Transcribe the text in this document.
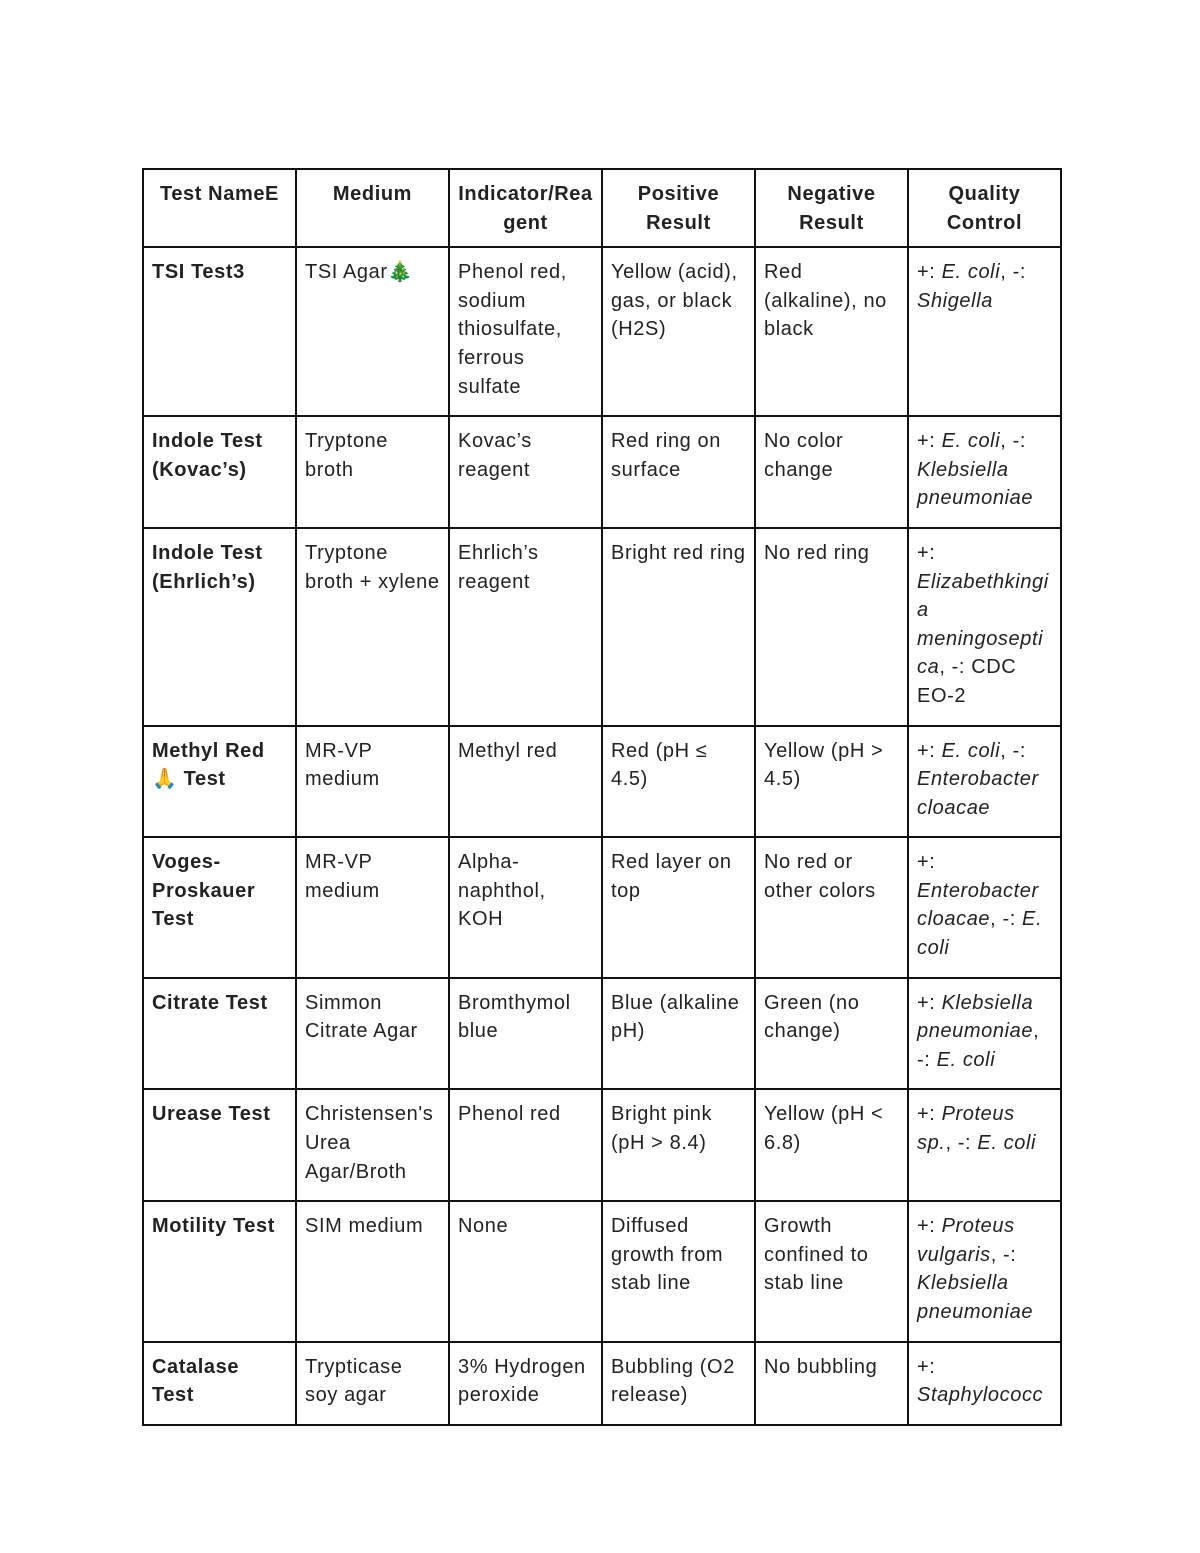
Test NameE	Medium	Indicator/Reagent	Positive Result	Negative Result	Quality Control
TSI Test3	TSI Agar🎄	Phenol red, sodium thiosulfate, ferrous sulfate	Yellow (acid), gas, or black (H2S)	Red (alkaline), no black	+: E. coli, -: Shigella
Indole Test (Kovac’s)	Tryptone broth	Kovac’s reagent	Red ring on surface	No color change	+: E. coli, -: Klebsiella pneumoniae
Indole Test (Ehrlich’s)	Tryptone broth + xylene	Ehrlich’s reagent	Bright red ring	No red ring	+: Elizabethkingia meningoseptica, -: CDC EO-2
Methyl Red🙏 Test	MR-VP medium	Methyl red	Red (pH ≤ 4.5)	Yellow (pH > 4.5)	+: E. coli, -: Enterobacter cloacae
Voges-Proskauer Test	MR-VP medium	Alpha-naphthol, KOH	Red layer on top	No red or other colors	+: Enterobacter cloacae, -: E. coli
Citrate Test	Simmon Citrate Agar	Bromthymol blue	Blue (alkaline pH)	Green (no change)	+: Klebsiella pneumoniae, -: E. coli
Urease Test	Christensen's Urea Agar/Broth	Phenol red	Bright pink (pH > 8.4)	Yellow (pH < 6.8)	+: Proteus sp., -: E. coli
Motility Test	SIM medium	None	Diffused growth from stab line	Growth confined to stab line	+: Proteus vulgaris, -: Klebsiella pneumoniae
Catalase Test	Trypticase soy agar	3% Hydrogen peroxide	Bubbling (O2 release)	No bubbling	+: Staphylococc
